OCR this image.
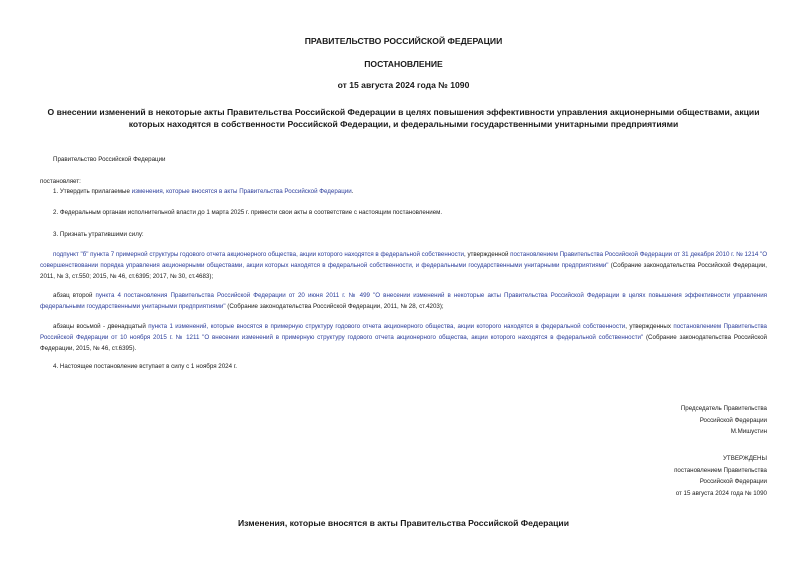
ПРАВИТЕЛЬСТВО РОССИЙСКОЙ ФЕДЕРАЦИИ
ПОСТАНОВЛЕНИЕ
от 15 августа 2024 года № 1090
О внесении изменений в некоторые акты Правительства Российской Федерации в целях повышения эффективности управления акционерными обществами, акции которых находятся в собственности Российской Федерации, и федеральными государственными унитарными предприятиями
Правительство Российской Федерации
постановляет:
1. Утвердить прилагаемые изменения, которые вносятся в акты Правительства Российской Федерации.
2. Федеральным органам исполнительной власти до 1 марта 2025 г. привести свои акты в соответствие с настоящим постановлением.
3. Признать утратившими силу:
подпункт "б" пункта 7 примерной структуры годового отчета акционерного общества, акции которого находятся в федеральной собственности, утвержденной постановлением Правительства Российской Федерации от 31 декабря 2010 г. № 1214 "О совершенствовании порядка управления акционерными обществами, акции которых находятся в федеральной собственности, и федеральными государственными унитарными предприятиями" (Собрание законодательства Российской Федерации, 2011, № 3, ст.550; 2015, № 46, ст.6395; 2017, № 30, ст.4683);
абзац второй пункта 4 постановления Правительства Российской Федерации от 20 июня 2011 г. № 499 "О внесении изменений в некоторые акты Правительства Российской Федерации в целях повышения эффективности управления федеральными государственными унитарными предприятиями" (Собрание законодательства Российской Федерации, 2011, № 28, ст.4203);
абзацы восьмой - двенадцатый пункта 1 изменений, которые вносятся в примерную структуру годового отчета акционерного общества, акции которого находятся в федеральной собственности, утвержденных постановлением Правительства Российской Федерации от 10 ноября 2015 г. № 1211 "О внесении изменений в примерную структуру годового отчета акционерного общества, акции которого находятся в федеральной собственности" (Собрание законодательства Российской Федерации, 2015, № 46, ст.6395).
4. Настоящее постановление вступает в силу с 1 ноября 2024 г.
Председатель Правительства
Российской Федерации
М.Мишустин
УТВЕРЖДЕНЫ
постановлением Правительства
Российской Федерации
от 15 августа 2024 года № 1090
Изменения, которые вносятся в акты Правительства Российской Федерации
